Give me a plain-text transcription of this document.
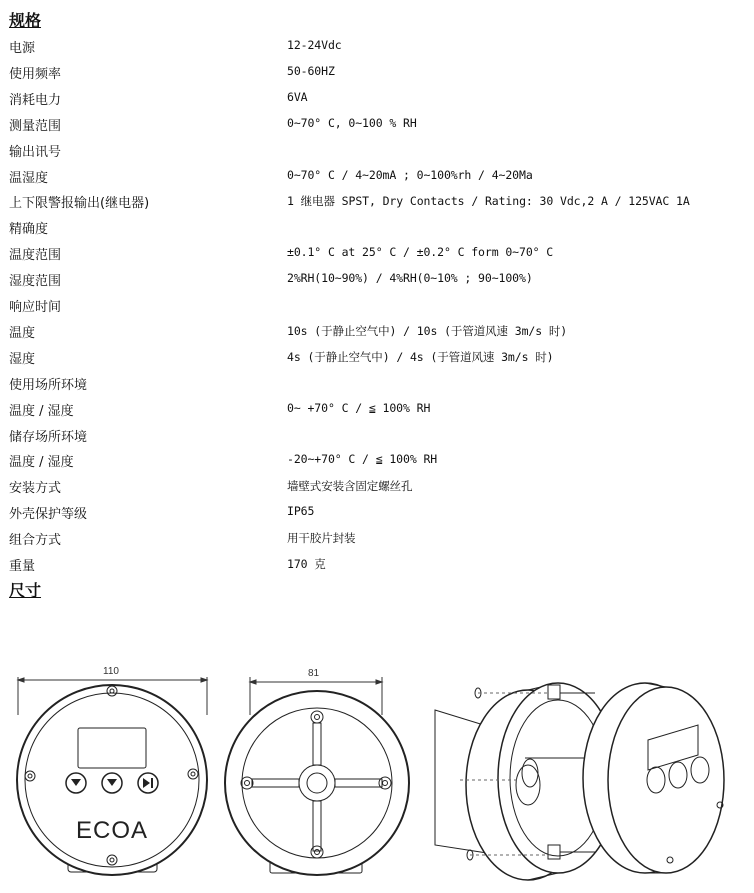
规格
电源	12-24Vdc
使用频率	50-60HZ
消耗电力	6VA
测量范围	0~70° C, 0~100 % RH
输出讯号
温湿度	0~70° C / 4~20mA ; 0~100%rh / 4~20Ma
上下限警报输出(继电器)	1 继电器 SPST, Dry Contacts / Rating: 30 Vdc,2 A / 125VAC 1A
精确度
温度范围	±0.1° C at 25° C / ±0.2° C form 0~70° C
湿度范围	2%RH(10~90%) / 4%RH(0~10% ; 90~100%)
响应时间
温度	10s (于静止空气中) / 10s (于管道风速 3m/s 时)
湿度	4s (于静止空气中) / 4s (于管道风速 3m/s 时)
使用场所环境
温度 / 湿度	0~ +70° C / ≦ 100% RH
储存场所环境
温度 / 湿度	-20~+70° C / ≦ 100% RH
安装方式	墙壁式安装含固定螺丝孔
外壳保护等级	IP65
组合方式	用干胶片封装
重量	170 克
尺寸
110
ECOA
81
